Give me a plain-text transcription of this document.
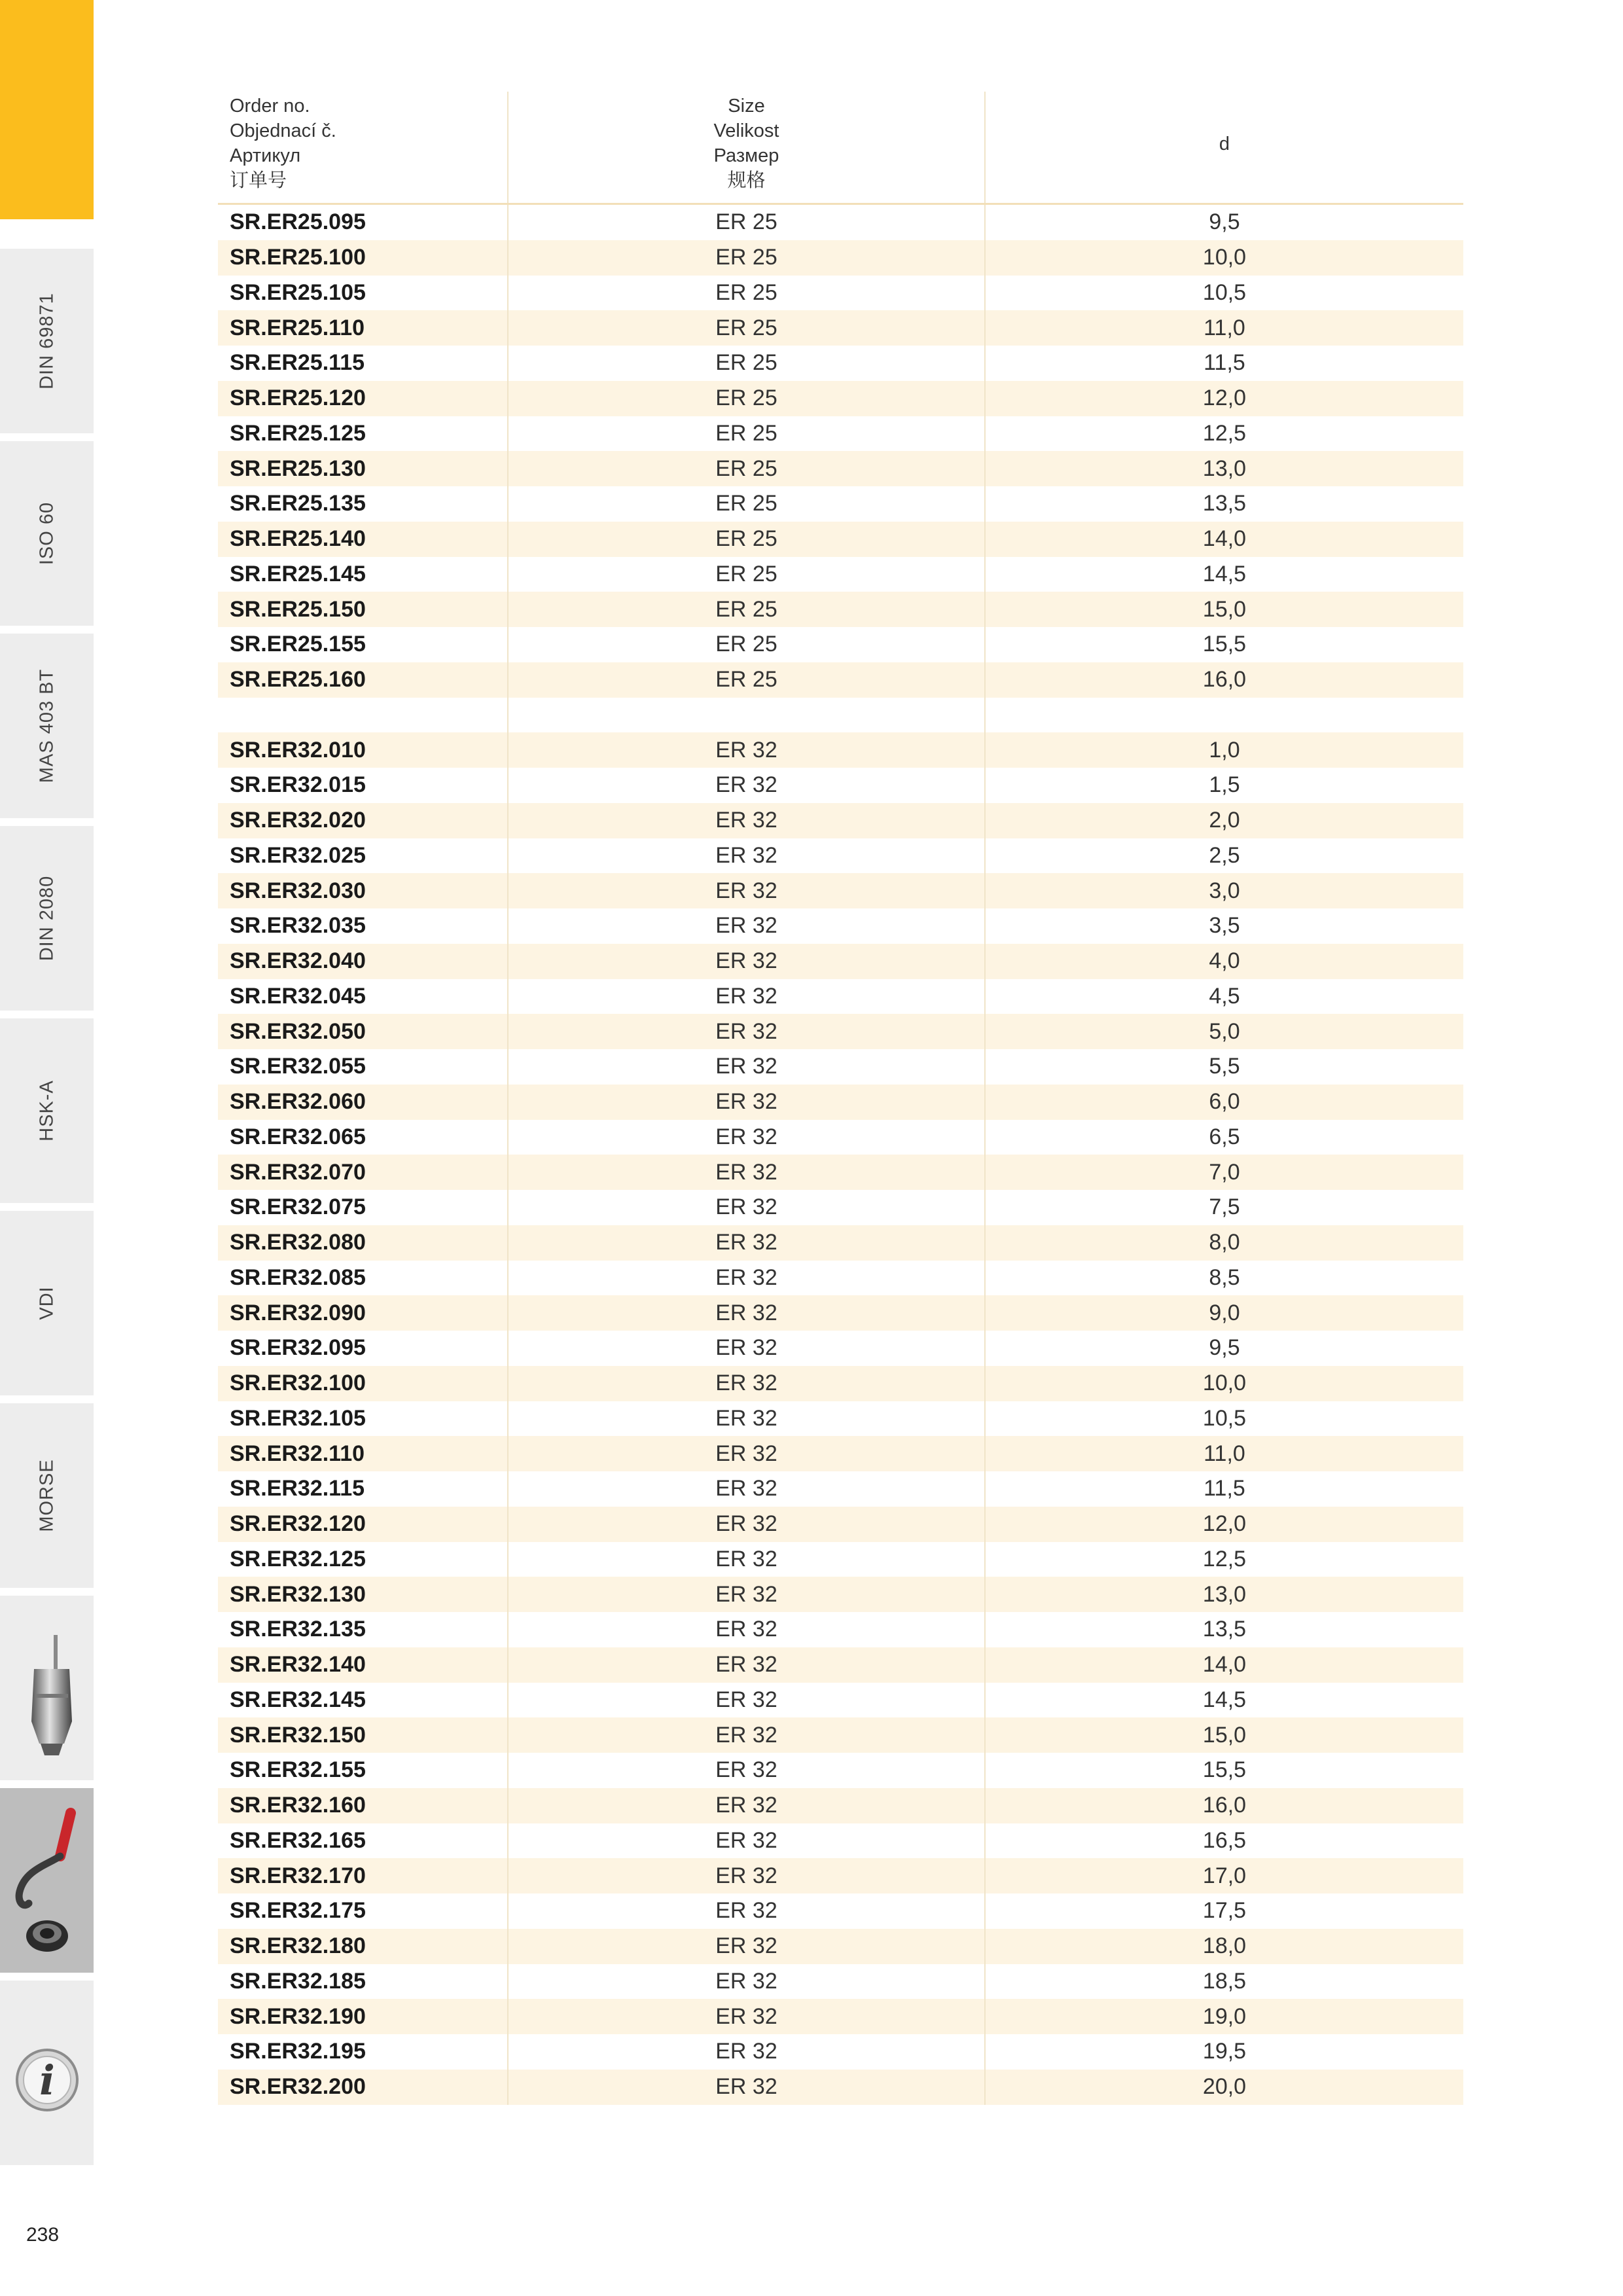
DIN 69871
ISO 60
MAS 403 BT
DIN 2080
HSK-A
VDI
MORSE
i
238
Order no.
Objednací č.
Артикул
订单号
Size
Velikost
Размер
规格
d
SR.ER25.095	ER 25	9,5
SR.ER25.100	ER 25	10,0
SR.ER25.105	ER 25	10,5
SR.ER25.110	ER 25	11,0
SR.ER25.115	ER 25	11,5
SR.ER25.120	ER 25	12,0
SR.ER25.125	ER 25	12,5
SR.ER25.130	ER 25	13,0
SR.ER25.135	ER 25	13,5
SR.ER25.140	ER 25	14,0
SR.ER25.145	ER 25	14,5
SR.ER25.150	ER 25	15,0
SR.ER25.155	ER 25	15,5
SR.ER25.160	ER 25	16,0
SR.ER32.010	ER 32	1,0
SR.ER32.015	ER 32	1,5
SR.ER32.020	ER 32	2,0
SR.ER32.025	ER 32	2,5
SR.ER32.030	ER 32	3,0
SR.ER32.035	ER 32	3,5
SR.ER32.040	ER 32	4,0
SR.ER32.045	ER 32	4,5
SR.ER32.050	ER 32	5,0
SR.ER32.055	ER 32	5,5
SR.ER32.060	ER 32	6,0
SR.ER32.065	ER 32	6,5
SR.ER32.070	ER 32	7,0
SR.ER32.075	ER 32	7,5
SR.ER32.080	ER 32	8,0
SR.ER32.085	ER 32	8,5
SR.ER32.090	ER 32	9,0
SR.ER32.095	ER 32	9,5
SR.ER32.100	ER 32	10,0
SR.ER32.105	ER 32	10,5
SR.ER32.110	ER 32	11,0
SR.ER32.115	ER 32	11,5
SR.ER32.120	ER 32	12,0
SR.ER32.125	ER 32	12,5
SR.ER32.130	ER 32	13,0
SR.ER32.135	ER 32	13,5
SR.ER32.140	ER 32	14,0
SR.ER32.145	ER 32	14,5
SR.ER32.150	ER 32	15,0
SR.ER32.155	ER 32	15,5
SR.ER32.160	ER 32	16,0
SR.ER32.165	ER 32	16,5
SR.ER32.170	ER 32	17,0
SR.ER32.175	ER 32	17,5
SR.ER32.180	ER 32	18,0
SR.ER32.185	ER 32	18,5
SR.ER32.190	ER 32	19,0
SR.ER32.195	ER 32	19,5
SR.ER32.200	ER 32	20,0
